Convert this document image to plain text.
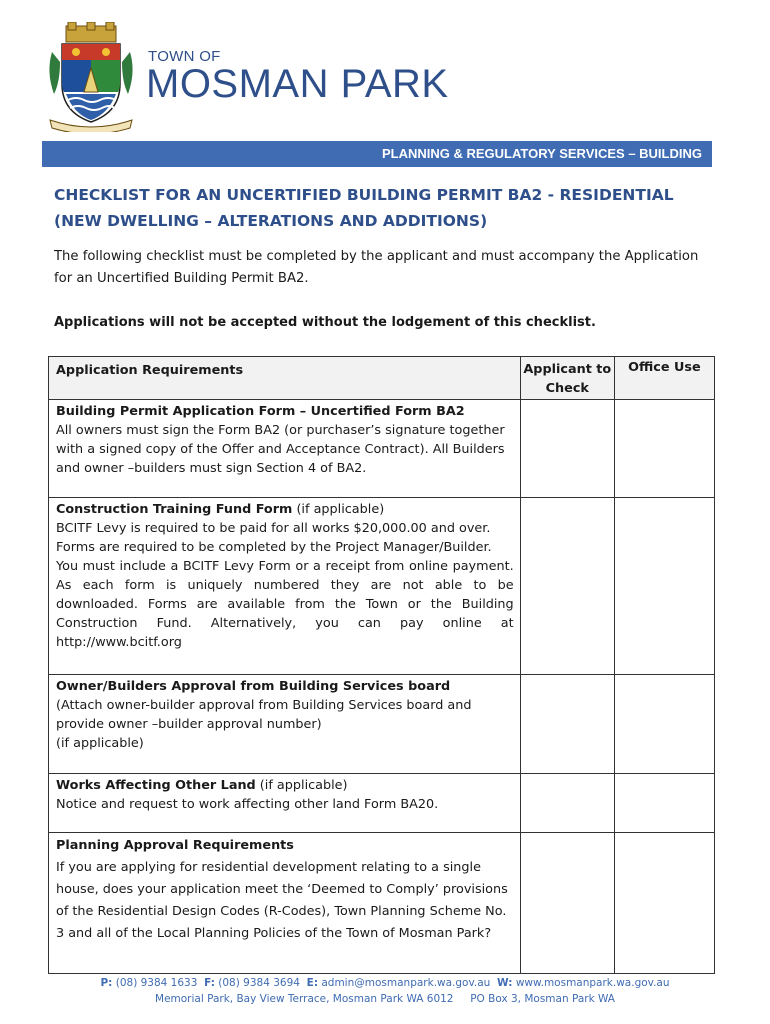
TOWN OF
MOSMAN PARK
PLANNING & REGULATORY SERVICES – BUILDING
CHECKLIST FOR AN UNCERTIFIED BUILDING PERMIT BA2 - RESIDENTIAL
(NEW DWELLING – ALTERATIONS AND ADDITIONS)
The following checklist must be completed by the applicant and must accompany the Application for an Uncertified Building Permit BA2.
Applications will not be accepted without the lodgement of this checklist.
Application Requirements	Applicant to Check	Office Use
Building Permit Application Form – Uncertified Form BA2
All owners must sign the Form BA2 (or purchaser’s signature together with a signed copy of the Offer and Acceptance Contract). All Builders and owner –builders must sign Section 4 of BA2.		

Construction Training Fund Form (if applicable)
BCITF Levy is required to be paid for all works $20,000.00 and over. Forms are required to be completed by the Project Manager/Builder.
You must include a BCITF Levy Form or a receipt from online payment. As each form is uniquely numbered they are not able to be downloaded. Forms are available from the Town or the Building Construction Fund. Alternatively, you can pay online at http://www.bcitf.org		

Owner/Builders Approval from Building Services board
(Attach owner-builder approval from Building Services board and provide owner –builder approval number)
(if applicable)		

Works Affecting Other Land (if applicable)
Notice and request to work affecting other land Form BA20.		

Planning Approval Requirements
If you are applying for residential development relating to a single house, does your application meet the ‘Deemed to Comply’ provisions of the Residential Design Codes (R-Codes), Town Planning Scheme No. 3 and all of the Local Planning Policies of the Town of Mosman Park?		

P: (08) 9384 1633 F: (08) 9384 3694 E: admin@mosmanpark.wa.gov.au W: www.mosmanpark.wa.gov.au
Memorial Park, Bay View Terrace, Mosman Park WA 6012 PO Box 3, Mosman Park WA
